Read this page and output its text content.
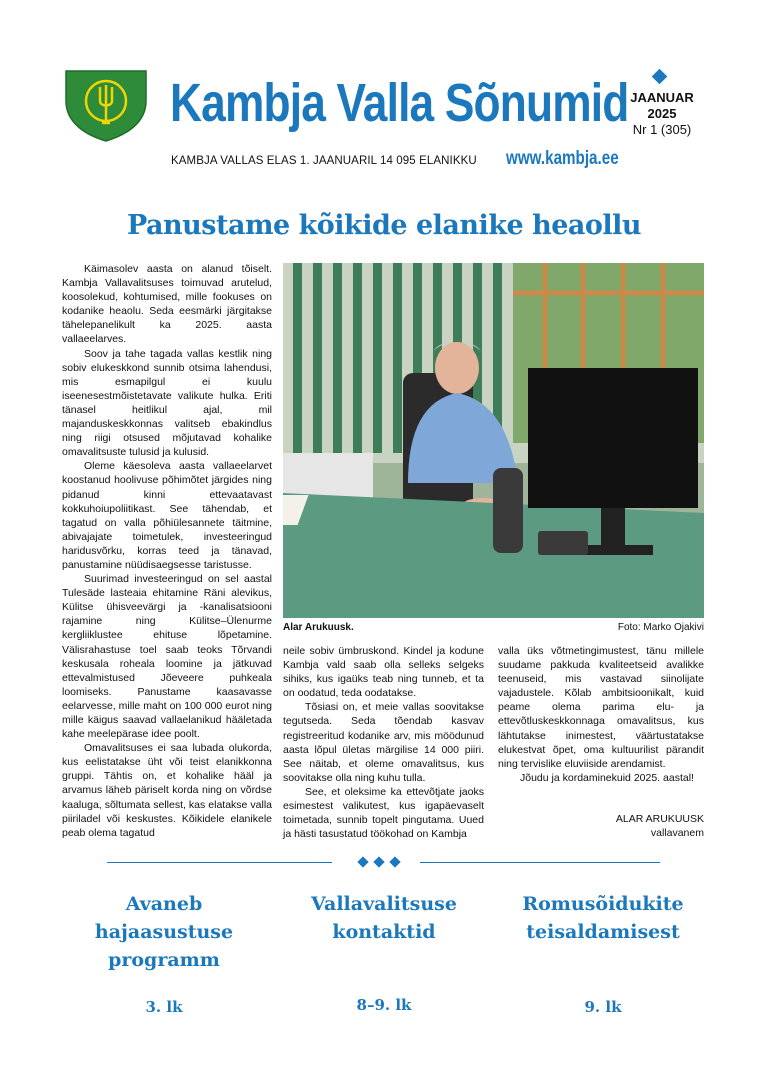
Kambja Valla Sõnumid JAANUAR
2025
Nr 1 (305)
KAMBJA VALLAS ELAS 1. JAANUARIL 14 095 ELANIKKU www.kambja.ee
Panustame kõikide elanike heaollu

Käimasolev aasta on alanud tõiselt. Kambja Vallavalitsuses toimuvad arutelud, koosolekud, kohtumised, mille fookuses on kodanike heaolu. Seda eesmärki järgitakse tähelepanelikult ka 2025. aasta vallaeelarves.

Soov ja tahe tagada vallas kestlik ning sobiv elukeskkond sunnib otsima lahendusi, mis esmapilgul ei kuulu iseenesestmõistetavate valikute hulka. Eriti tänasel heitlikul ajal, mil majanduskeskkonnas valitseb ebakindlus ning riigi otsused mõjutavad kohalike omavalitsuste tulusid ja kulusid.

Oleme käesoleva aasta vallaeelarvet koostanud hoolivuse põhimõtet järgides ning pidanud kinni ettevaatavast kokkuhoiupoliitikast. See tähendab, et tagatud on valla põhiülesannete täitmine, abivajajate toimetulek, investeeringud haridusvõrku, korras teed ja tänavad, panustamine nüüdisaegsesse taristusse.

Suurimad investeeringud on sel aastal Tulesäde lasteaia ehitamine Räni alevikus, Külitse ühisveevärgi ja -kanalisatsiooni rajamine ning Külitse–Ülenurme kergliiklustee ehituse lõpetamine. Välisrahastuse toel saab teoks Tõrvandi keskusala roheala loomine ja jätkuvad ettevalmistused Jõeveere puhkeala loomiseks. Panustame kaasavasse eelarvesse, mille maht on 100 000 eurot ning mille käigus saavad vallaelanikud hääletada kahe meelepärase idee poolt.

Omavalitsuses ei saa lubada olukorda, kus eelistatakse üht või teist elanikkonna gruppi. Tähtis on, et kohalike hääl ja arvamus läheb päriselt korda ning on võrdse kaaluga, sõltumata sellest, kas elatakse valla piiriladel või keskustes. Kõikidele elanikele peab olema tagatud

Alar Arukuusk.	Foto: Marko Ojakivi

neile sobiv ümbruskond. Kindel ja kodune Kambja vald saab olla selleks selgeks sihiks, kus igaüks teab ning tunneb, et ta on oodatud, teda oodatakse.

Tõsiasi on, et meie vallas soovitakse tegutseda. Seda tõendab kasvav registreeritud kodanike arv, mis möödunud aasta lõpul ületas märgilise 14 000 piiri. See näitab, et oleme omavalitsus, kus soovitakse olla ning kuhu tulla.

See, et oleksime ka ettevõtjate jaoks esimestest valikutest, kus igapäevaselt toimetada, sunnib topelt pingutama. Uued ja hästi tasustatud töökohad on Kambja

valla üks võtmetingimustest, tänu millele suudame pakkuda kvaliteetseid avalikke teenuseid, mis vastavad siinolijate vajadustele. Kõlab ambitsioonikalt, kuid peame olema parima elu- ja ettevõtluskeskkonnaga omavalitsus, kus lähtutakse inimestest, väärtustatakse elukestvat õpet, oma kultuurilist pärandit ning tervislike eluviiside arendamist.

Jõudu ja kordaminekuid 2025. aastal!

ALAR ARUKUUSK
vallavanem
Avaneb hajaasustuse programm
Vallavalitsuse kontaktid
Romusõidukite teisaldamisest
3. lk	8–9. lk	9. lk
